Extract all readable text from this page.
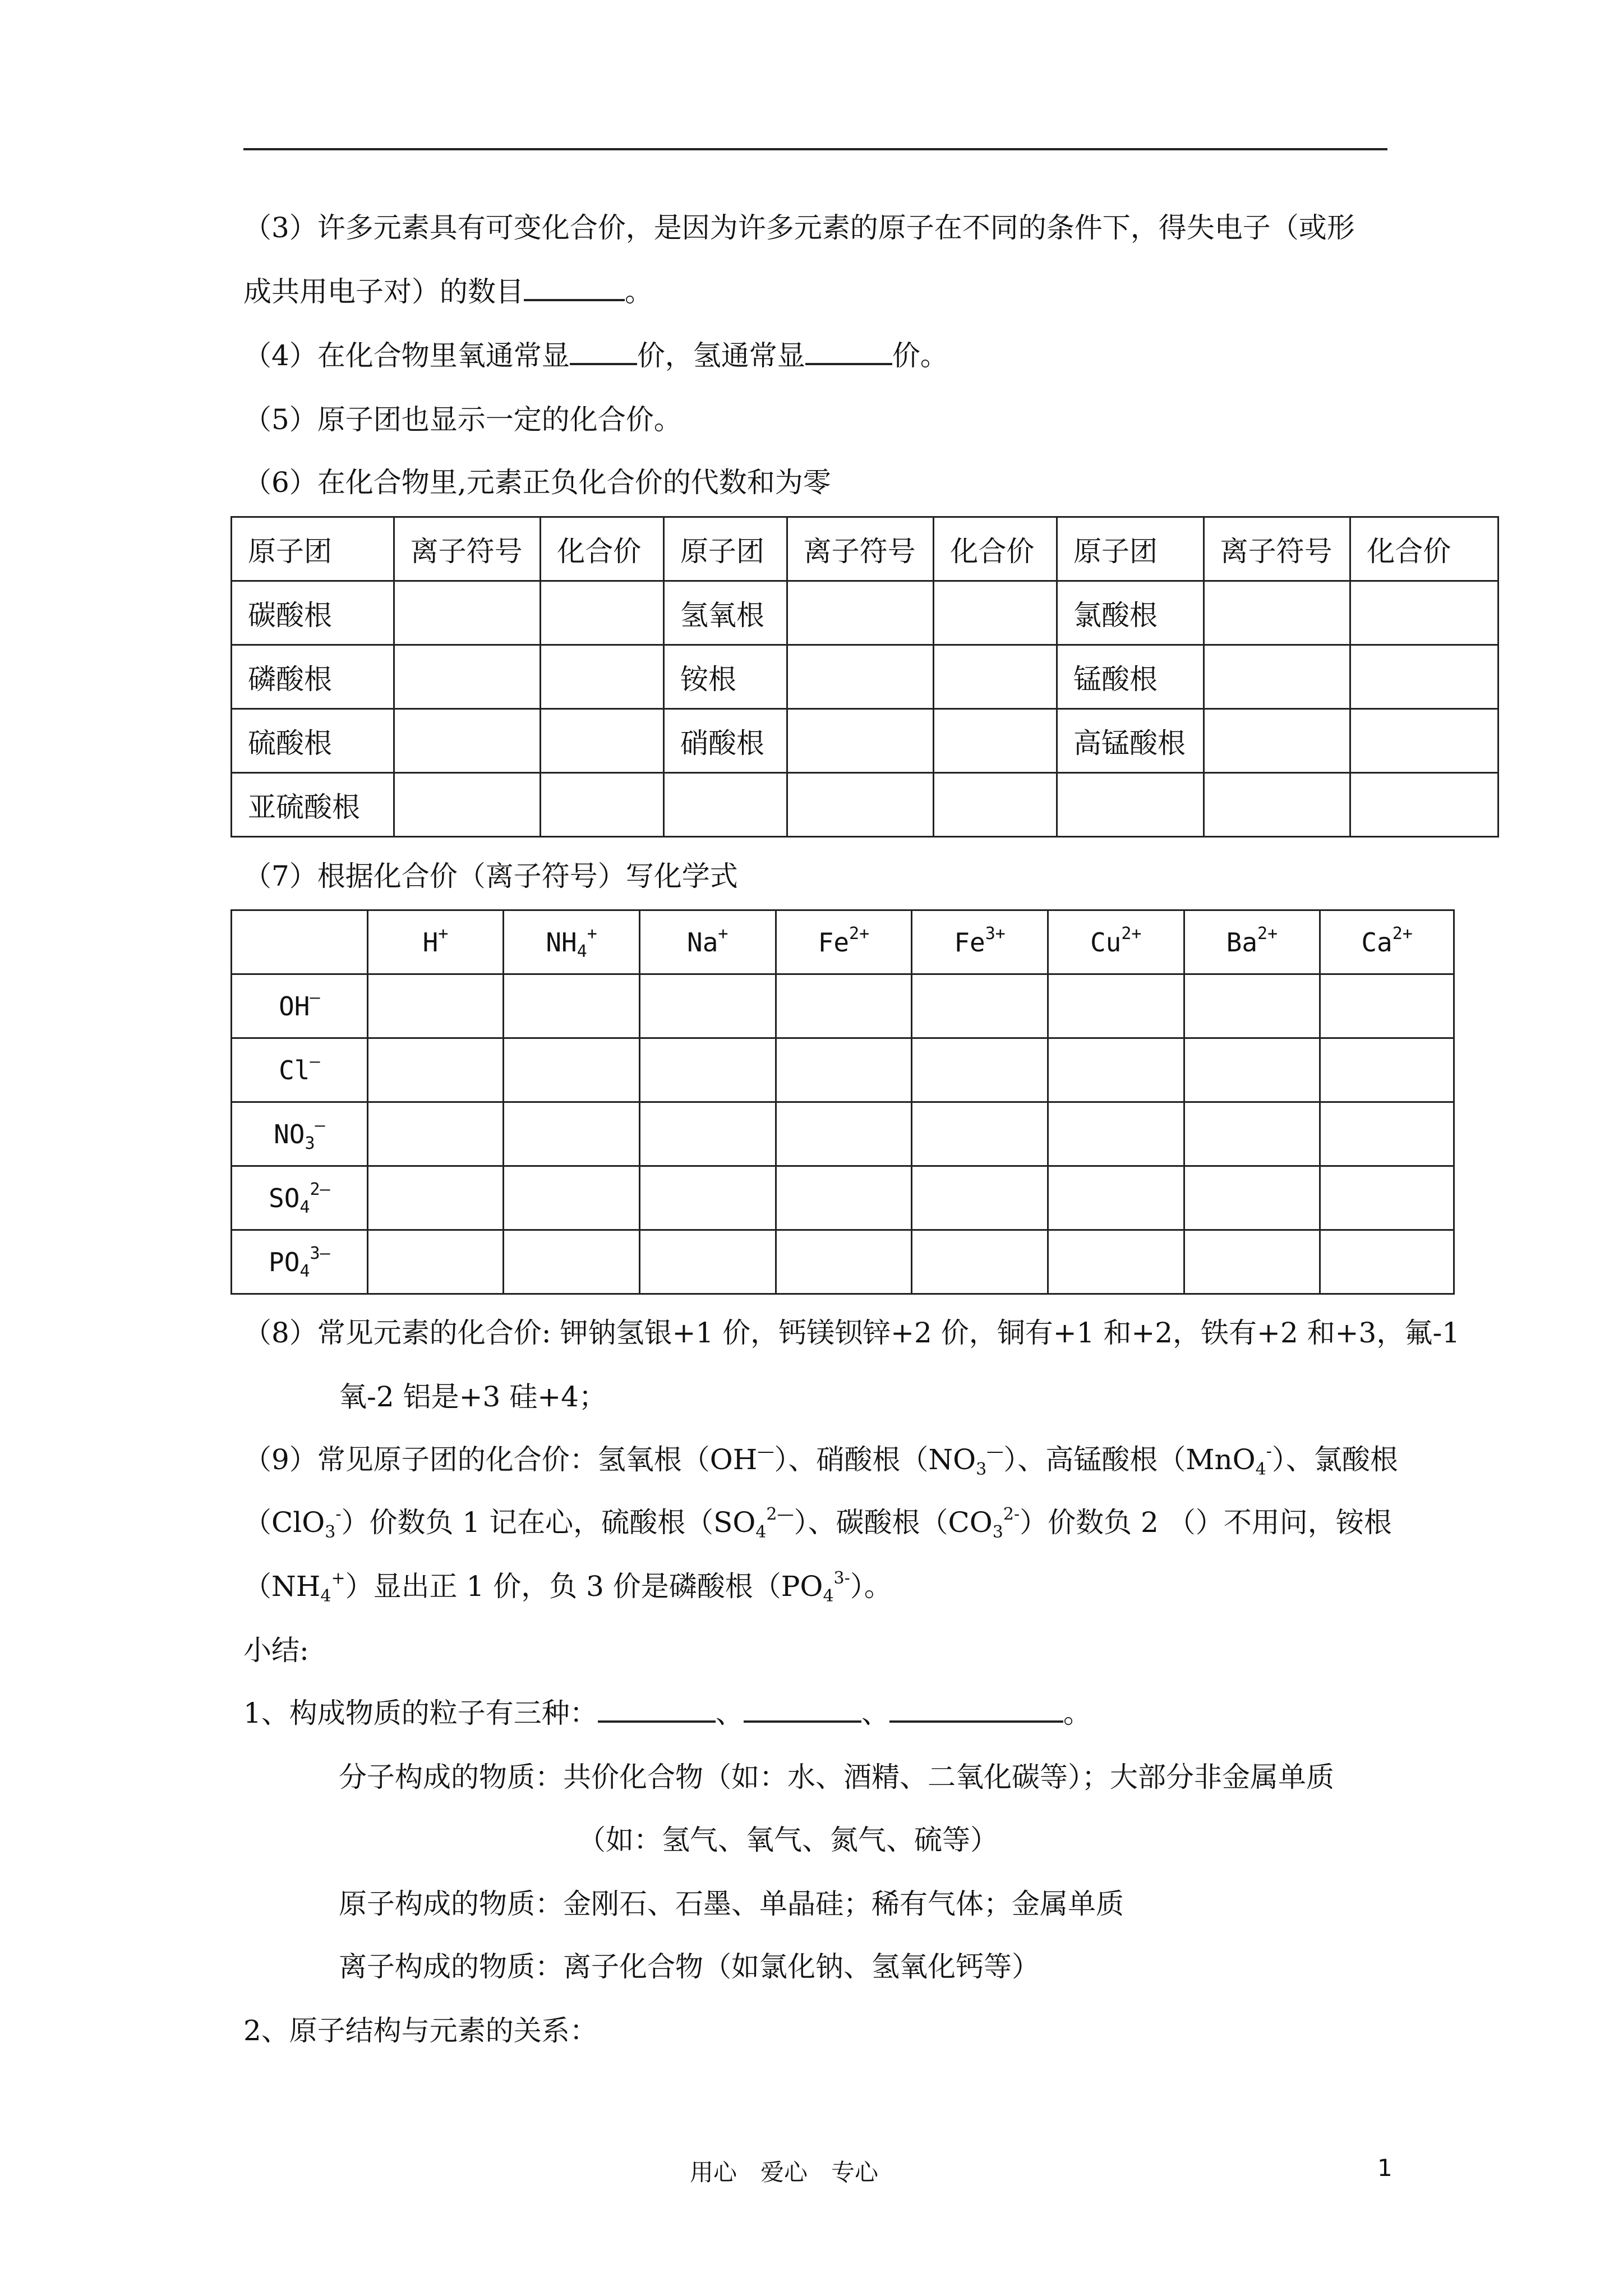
（3）许多元素具有可变化合价，是因为许多元素的原子在不同的条件下，得失电子（或形
成共用电子对）的数目	。
（4）在化合物里氧通常显 价，氢通常显	价。
（5）原子团也显示一定的化合价。
（6）在化合物里,元素正负化合价的代数和为零
原子团	离子符号	化合价	原子团	离子符号	化合价	原子团	离子符号	化合价
碳酸根			氢氧根			氯酸根		
磷酸根			铵根			锰酸根		
硫酸根			硝酸根			高锰酸根		
亚硫酸根								
（7）根据化合价（离子符号）写化学式
	H+	$NH_4^+$	Na+	$Fe^{2+}$	$Fe^{3+}$	$Cu^{2+}$	$Ba^{2+}$	$Ca^{2+}$
OH—								
Cl—								
$NO_3^—$								
$SO_4^{2—}$								
$PO_4^{3—}$								
（8）常见元素的化合价: 钾钠氢银+1 价，钙镁钡锌+2 价，铜有+1 和+2，铁有+2 和+3，氟-1
氧-2 铝是+3 硅+4；
（9）常见原子团的化合价：氢氧根（OH—）、硝酸根$(NO_3^—)$、高锰酸根（MnO$_4$-）、氯酸根
（ClO$_3$-）价数负 1 记在心，硫酸根$(SO_4^{2—})$、碳酸根$(CO_3^{2-})$价数负 2 （）不用问，铵根
$(NH_4^+)$显出正 1 价，负 3 价是磷酸根$(PO_4^{3-})$。
小结:
1、构成物质的粒子有三种：	、	、	。
分子构成的物质：共价化合物（如：水、酒精、二氧化碳等）；大部分非金属单质
（如：氢气、氧气、氮气、硫等）
原子构成的物质：金刚石、石墨、单晶硅；稀有气体；金属单质
离子构成的物质：离子化合物（如氯化钠、氢氧化钙等）
2、原子结构与元素的关系：
用心　爱心　专心	1
